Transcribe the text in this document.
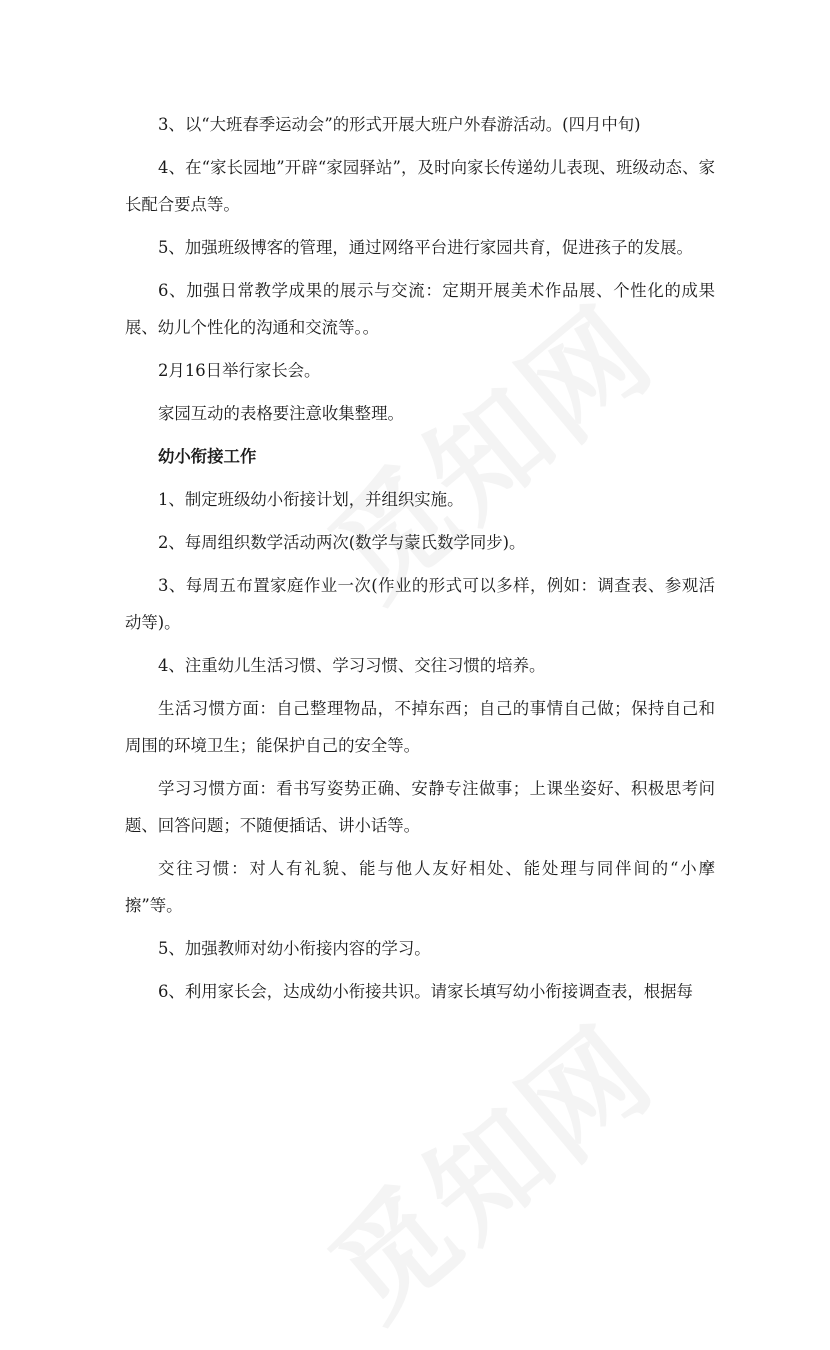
3、以“大班春季运动会”的形式开展大班户外春游活动。(四月中旬)

4、在“家长园地”开辟“家园驿站”，及时向家长传递幼儿表现、班级动态、家长配合要点等。

5、加强班级博客的管理，通过网络平台进行家园共育，促进孩子的发展。

6、加强日常教学成果的展示与交流：定期开展美术作品展、个性化的成果展、幼儿个性化的沟通和交流等。。

2月16日举行家长会。

家园互动的表格要注意收集整理。

幼小衔接工作

1、制定班级幼小衔接计划，并组织实施。

2、每周组织数学活动两次(数学与蒙氏数学同步)。

3、每周五布置家庭作业一次(作业的形式可以多样，例如：调查表、参观活动等)。

4、注重幼儿生活习惯、学习习惯、交往习惯的培养。

生活习惯方面：自己整理物品，不掉东西；自己的事情自己做；保持自己和周围的环境卫生；能保护自己的安全等。

学习习惯方面：看书写姿势正确、安静专注做事；上课坐姿好、积极思考问题、回答问题；不随便插话、讲小话等。

交往习惯：对人有礼貌、能与他人友好相处、能处理与同伴间的“小摩擦”等。

5、加强教师对幼小衔接内容的学习。

6、利用家长会，达成幼小衔接共识。请家长填写幼小衔接调查表，根据每
